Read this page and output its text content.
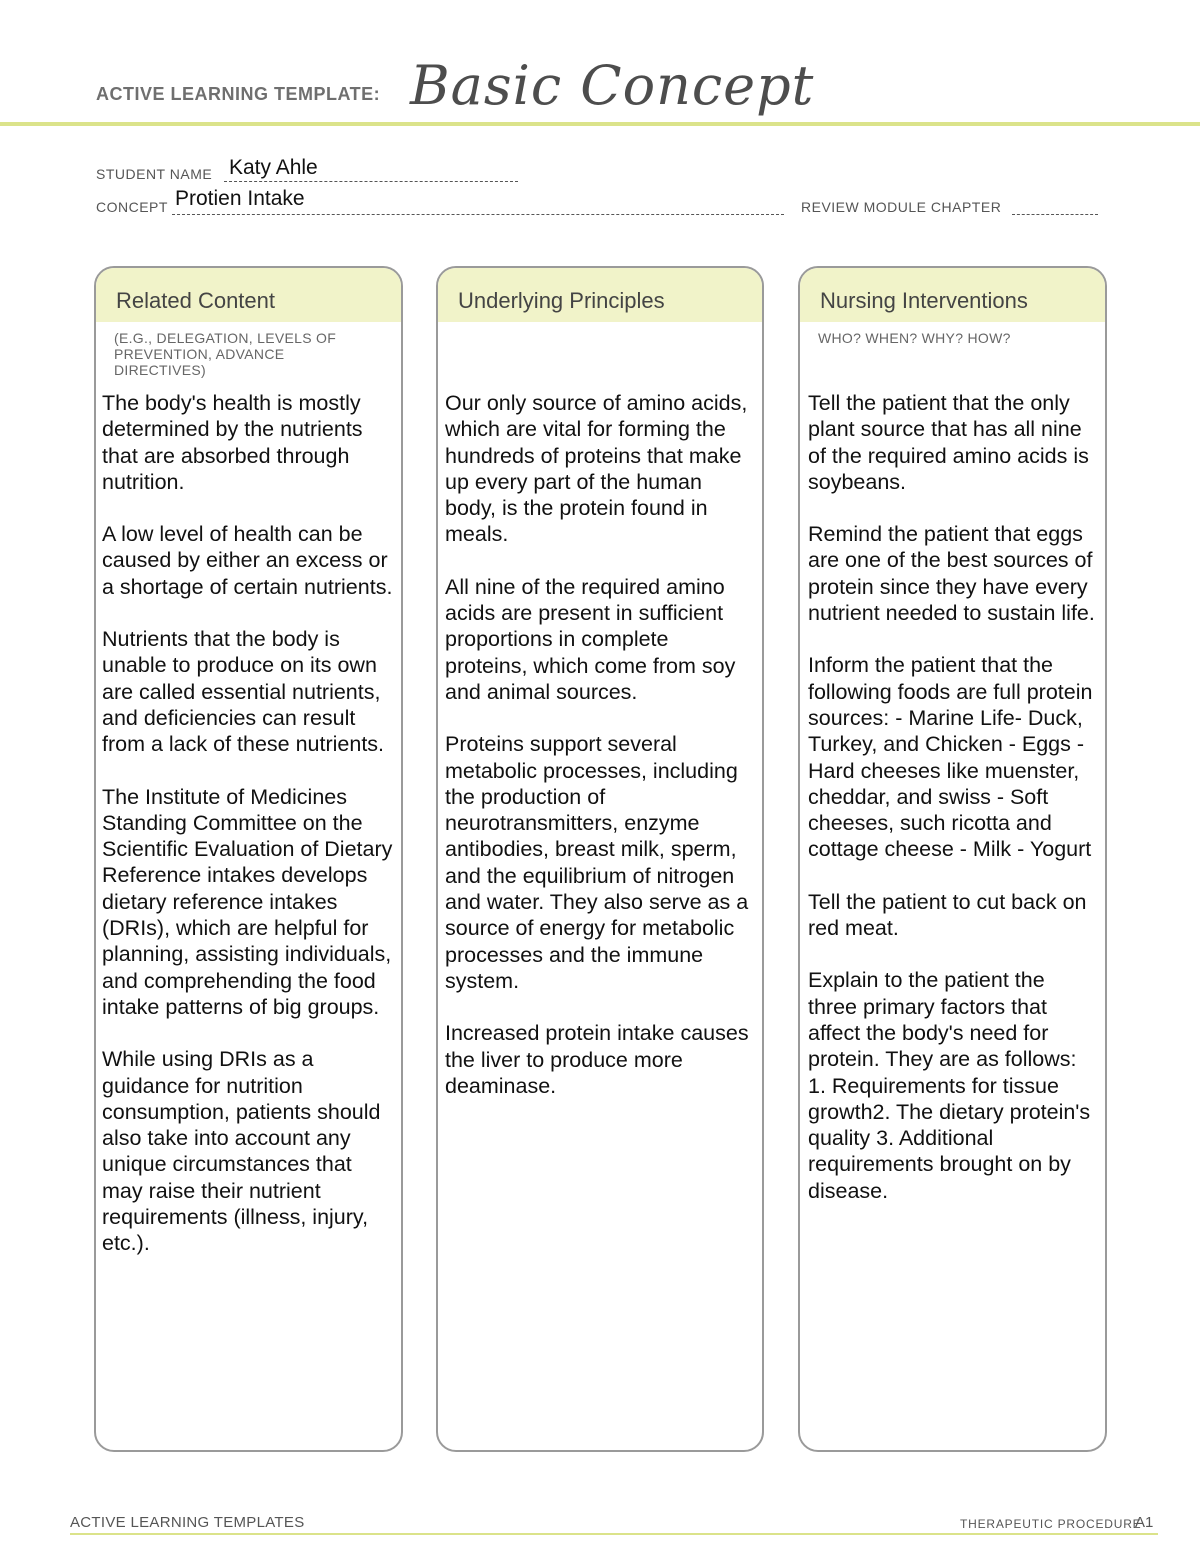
ACTIVE LEARNING TEMPLATE: Basic Concept
STUDENT NAME Katy Ahle
CONCEPT Protien Intake	REVIEW MODULE CHAPTER
Related Content
(E.G., DELEGATION, LEVELS OF PREVENTION, ADVANCE DIRECTIVES)

The body's health is mostly determined by the nutrients that are absorbed through nutrition.

A low level of health can be caused by either an excess or a shortage of certain nutrients.

Nutrients that the body is unable to produce on its own are called essential nutrients, and deficiencies can result from a lack of these nutrients.

The Institute of Medicines Standing Committee on the Scientific Evaluation of Dietary Reference intakes develops dietary reference intakes (DRIs), which are helpful for planning, assisting individuals, and comprehending the food intake patterns of big groups.

While using DRIs as a guidance for nutrition consumption, patients should also take into account any unique circumstances that may raise their nutrient requirements (illness, injury, etc.).

Underlying Principles

Our only source of amino acids, which are vital for forming the hundreds of proteins that make up every part of the human body, is the protein found in meals.

All nine of the required amino acids are present in sufficient proportions in complete proteins, which come from soy and animal sources.

Proteins support several metabolic processes, including the production of neurotransmitters, enzyme antibodies, breast milk, sperm, and the equilibrium of nitrogen and water. They also serve as a source of energy for metabolic processes and the immune system.

Increased protein intake causes the liver to produce more deaminase.

Nursing Interventions
WHO? WHEN? WHY? HOW?

Tell the patient that the only plant source that has all nine of the required amino acids is soybeans.

Remind the patient that eggs are one of the best sources of protein since they have every nutrient needed to sustain life.

Inform the patient that the following foods are full protein sources: - Marine Life- Duck, Turkey, and Chicken - Eggs - Hard cheeses like muenster, cheddar, and swiss - Soft cheeses, such ricotta and cottage cheese - Milk - Yogurt

Tell the patient to cut back on red meat.

Explain to the patient the three primary factors that affect the body's need for protein. They are as follows: 1. Requirements for tissue growth2. The dietary protein's quality 3. Additional requirements brought on by disease.

ACTIVE LEARNING TEMPLATES	THERAPEUTIC PROCEDURE
A1
